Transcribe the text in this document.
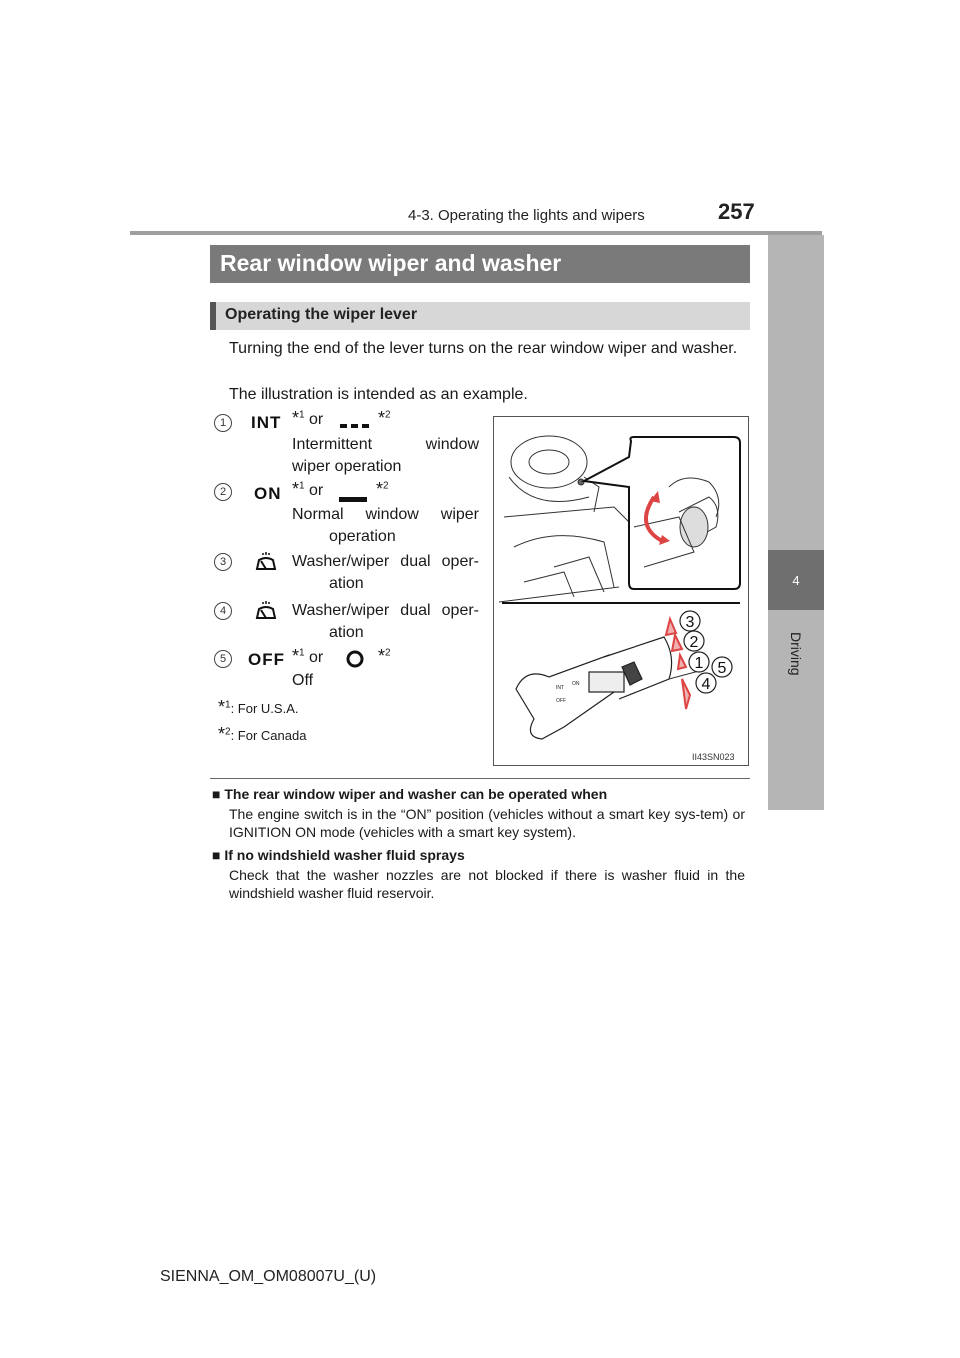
4-3. Operating the lights and wipers	257
4
Driving
Rear window wiper and washer
Operating the wiper lever
Turning the end of the lever turns on the rear window wiper and washer.
The illustration is intended as an example.
1	INT *$^1$ or	*$^2$
Intermittent window
wiper operation
2	ON *$^1$ or	*$^2$
Normal window wiper
operation
3	Washer/wiper dual oper-
ation
4	Washer/wiper dual oper-
ation
5	OFF *$^1$ or	*$^2$
Off
*$^1$: For U.S.A.
*$^2$: For Canada
INT
ON
OFF
3
2
1 5
4
II43SN023
■ The rear window wiper and washer can be operated when
The engine switch is in the “ON” position (vehicles without a smart key sys-tem) or IGNITION ON mode (vehicles with a smart key system).
■ If no windshield washer fluid sprays
Check that the washer nozzles are not blocked if there is washer fluid in the windshield washer fluid reservoir.
SIENNA_OM_OM08007U_(U)
